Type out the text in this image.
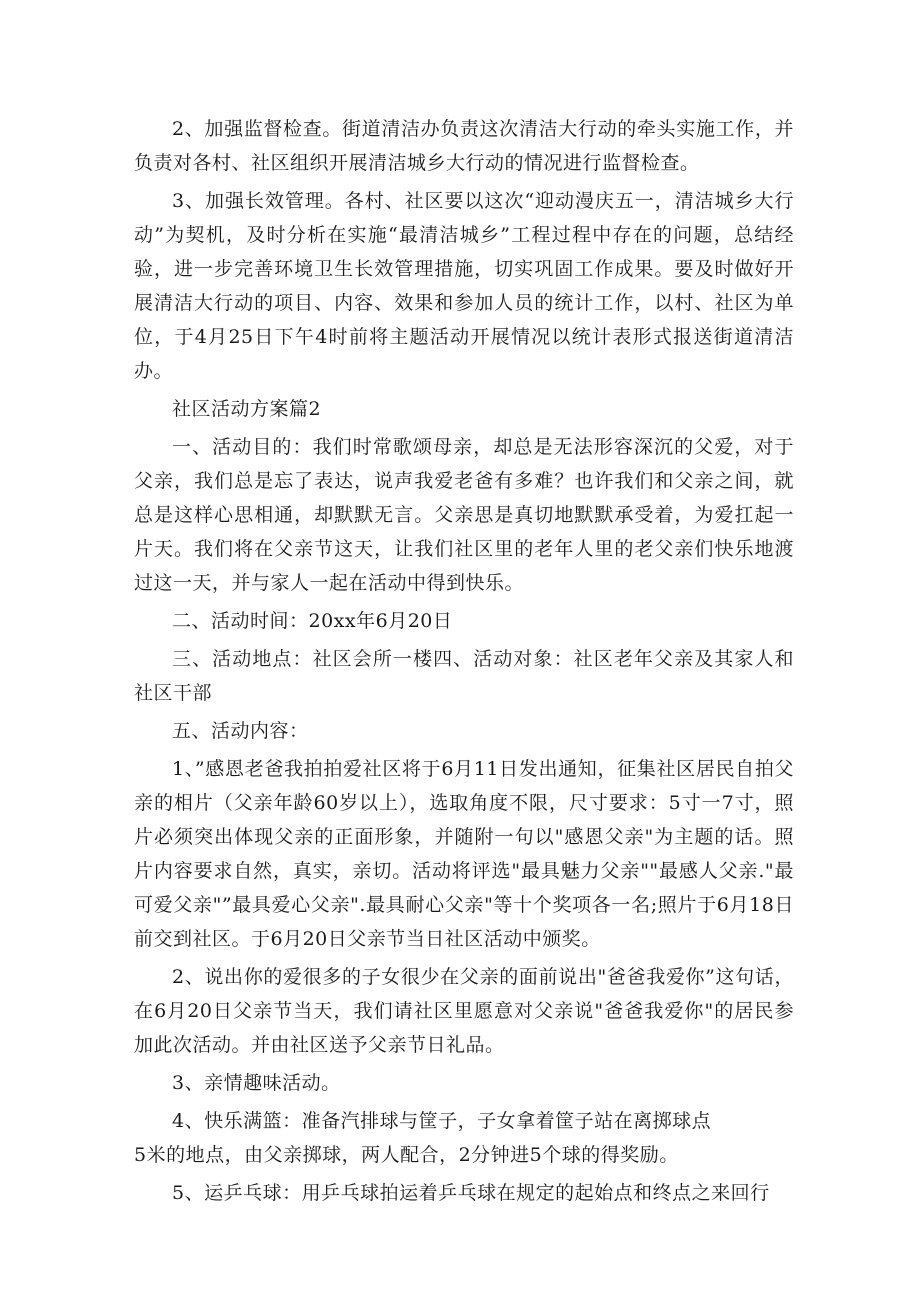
2、加强监督检查。街道清洁办负责这次清洁大行动的牵头实施工作，并负责对各村、社区组织开展清洁城乡大行动的情况进行监督检查。

3、加强长效管理。各村、社区要以这次“迎动漫庆五一，清洁城乡大行动”为契机，及时分析在实施“最清洁城乡”工程过程中存在的问题，总结经验，进一步完善环境卫生长效管理措施，切实巩固工作成果。要及时做好开展清洁大行动的项目、内容、效果和参加人员的统计工作，以村、社区为单位，于4月25日下午4时前将主题活动开展情况以统计表形式报送街道清洁办。

社区活动方案篇2

一、活动目的：我们时常歌颂母亲，却总是无法形容深沉的父爱，对于父亲，我们总是忘了表达，说声我爱老爸有多难？也许我们和父亲之间，就总是这样心思相通，却默默无言。父亲思是真切地默默承受着，为爱扛起一片天。我们将在父亲节这天，让我们社区里的老年人里的老父亲们快乐地渡过这一天，并与家人一起在活动中得到快乐。

二、活动时间：20xx年6月20日

三、活动地点：社区会所一楼四、活动对象：社区老年父亲及其家人和社区干部

五、活动内容：

1、”感恩老爸我拍拍爱社区将于6月11日发出通知，征集社区居民自拍父亲的相片（父亲年龄60岁以上），选取角度不限，尺寸要求：5寸一7寸，照片必须突出体现父亲的正面形象，并随附一句以"感恩父亲"为主题的话。照片内容要求自然，真实，亲切。活动将评选"最具魅力父亲""最感人父亲."最可爱父亲"”最具爱心父亲".最具耐心父亲"等十个奖项各一名;照片于6月18日前交到社区。于6月20日父亲节当日社区活动中颁奖。

2、说出你的爱很多的子女很少在父亲的面前说出"爸爸我爱你”这句话，在6月20日父亲节当天，我们请社区里愿意对父亲说"爸爸我爱你"的居民参加此次活动。并由社区送予父亲节日礼品。

3、亲情趣味活动。

4、快乐满篮：准备汽排球与筐子，子女拿着筐子站在离掷球点

5米的地点，由父亲掷球，两人配合，2分钟进5个球的得奖励。

5、运乒乓球：用乒乓球拍运着乒乓球在规定的起始点和终点之来回行
